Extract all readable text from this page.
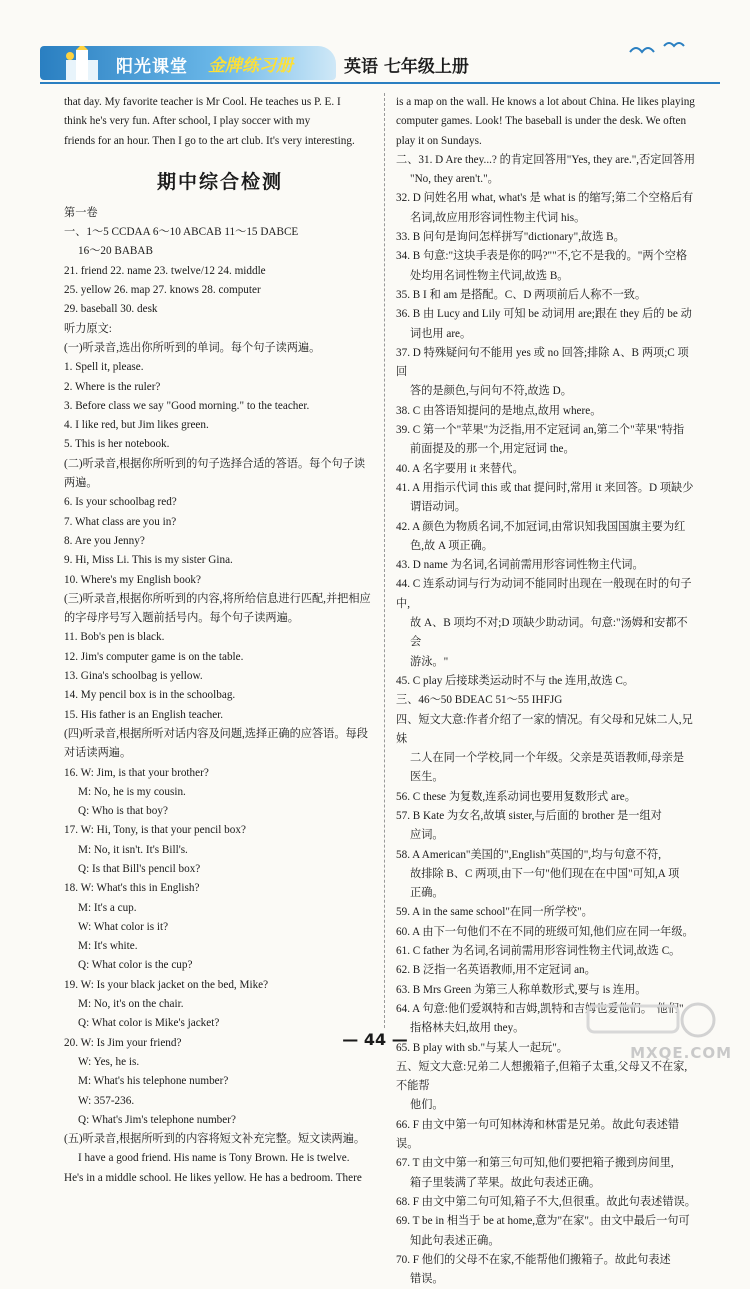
阳光课堂 金牌练习册	英语 七年级上册

that day. My favorite teacher is Mr Cool. He teaches us P. E. I

think he's very fun. After school, I play soccer with my

friends for an hour. Then I go to the art club. It's very interesting.

期中综合检测

第一卷

一、1～5 CCDAA 6～10 ABCAB 11～15 DABCE

16～20 BABAB

21. friend 22. name 23. twelve/12 24. middle

25. yellow 26. map 27. knows 28. computer

29. baseball 30. desk

听力原文:

(一)听录音,选出你所听到的单词。每个句子读两遍。

1. Spell it, please.

2. Where is the ruler?

3. Before class we say "Good morning." to the teacher.

4. I like red, but Jim likes green.

5. This is her notebook.

(二)听录音,根据你所听到的句子选择合适的答语。每个句子读

两遍。

6. Is your schoolbag red?

7. What class are you in?

8. Are you Jenny?

9. Hi, Miss Li. This is my sister Gina.

10. Where's my English book?

(三)听录音,根据你所听到的内容,将所给信息进行匹配,并把相应

的字母序号写入题前括号内。每个句子读两遍。

11. Bob's pen is black.

12. Jim's computer game is on the table.

13. Gina's schoolbag is yellow.

14. My pencil box is in the schoolbag.

15. His father is an English teacher.

(四)听录音,根据所听对话内容及问题,选择正确的应答语。每段

对话读两遍。

16. W: Jim, is that your brother?

M: No, he is my cousin.

Q: Who is that boy?

17. W: Hi, Tony, is that your pencil box?

M: No, it isn't. It's Bill's.

Q: Is that Bill's pencil box?

18. W: What's this in English?

M: It's a cup.

W: What color is it?

M: It's white.

Q: What color is the cup?

19. W: Is your black jacket on the bed, Mike?

M: No, it's on the chair.

Q: What color is Mike's jacket?

20. W: Is Jim your friend?

W: Yes, he is.

M: What's his telephone number?

W: 357-236.

Q: What's Jim's telephone number?

(五)听录音,根据所听到的内容将短文补充完整。短文读两遍。

I have a good friend. His name is Tony Brown. He is twelve.

He's in a middle school. He likes yellow. He has a bedroom. There

is a map on the wall. He knows a lot about China. He likes playing

computer games. Look! The baseball is under the desk. We often

play it on Sundays.

二、31. D Are they...? 的肯定回答用"Yes, they are.",否定回答用

"No, they aren't."。

32. D 问姓名用 what, what's 是 what is 的缩写;第二个空格后有

名词,故应用形容词性物主代词 his。

33. B 问句是询问怎样拼写"dictionary",故选 B。

34. B 句意:"这块手表是你的吗?""不,它不是我的。"两个空格

处均用名词性物主代词,故选 B。

35. B I 和 am 是搭配。C、D 两项前后人称不一致。

36. B 由 Lucy and Lily 可知 be 动词用 are;跟在 they 后的 be 动

词也用 are。

37. D 特殊疑问句不能用 yes 或 no 回答;排除 A、B 两项;C 项回

答的是颜色,与问句不符,故选 D。

38. C 由答语知提问的是地点,故用 where。

39. C 第一个"苹果"为泛指,用不定冠词 an,第二个"苹果"特指

前面提及的那一个,用定冠词 the。

40. A 名字要用 it 来替代。

41. A 用指示代词 this 或 that 提问时,常用 it 来回答。D 项缺少

谓语动词。

42. A 颜色为物质名词,不加冠词,由常识知我国国旗主要为红

色,故 A 项正确。

43. D name 为名词,名词前需用形容词性物主代词。

44. C 连系动词与行为动词不能同时出现在一般现在时的句子中,

故 A、B 项均不对;D 项缺少助动词。句意:"汤姆和安都不会

游泳。"

45. C play 后接球类运动时不与 the 连用,故选 C。

三、46～50 BDEAC 51～55 IHFJG

四、短文大意:作者介绍了一家的情况。有父母和兄妹二人,兄妹

二人在同一个学校,同一个年级。父亲是英语教师,母亲是

医生。

56. C these 为复数,连系动词也要用复数形式 are。

57. B Kate 为女名,故填 sister,与后面的 brother 是一组对

应词。

58. A American"美国的",English"英国的",均与句意不符,

故排除 B、C 两项,由下一句"他们现在在中国"可知,A 项

正确。

59. A in the same school"在同一所学校"。

60. A 由下一句他们不在不同的班级可知,他们应在同一年级。

61. C father 为名词,名词前需用形容词性物主代词,故选 C。

62. B 泛指一名英语教师,用不定冠词 an。

63. B Mrs Green 为第三人称单数形式,要与 is 连用。

64. A 句意:他们爱飒特和吉姆,凯特和吉姆也爱他们。"他们"

指格林夫妇,故用 they。

65. B play with sb."与某人一起玩"。

五、短文大意:兄弟二人想搬箱子,但箱子太重,父母又不在家,不能帮

他们。

66. F 由文中第一句可知林涛和林雷是兄弟。故此句表述错误。

67. T 由文中第一和第三句可知,他们要把箱子搬到房间里,

箱子里装满了苹果。故此句表述正确。

68. F 由文中第二句可知,箱子不大,但很重。故此句表述错误。

69. T be in 相当于 be at home,意为"在家"。由文中最后一句可

知此句表述正确。

70. F 他们的父母不在家,不能帮他们搬箱子。故此句表述

错误。

— 44 —
MXQE.COM
